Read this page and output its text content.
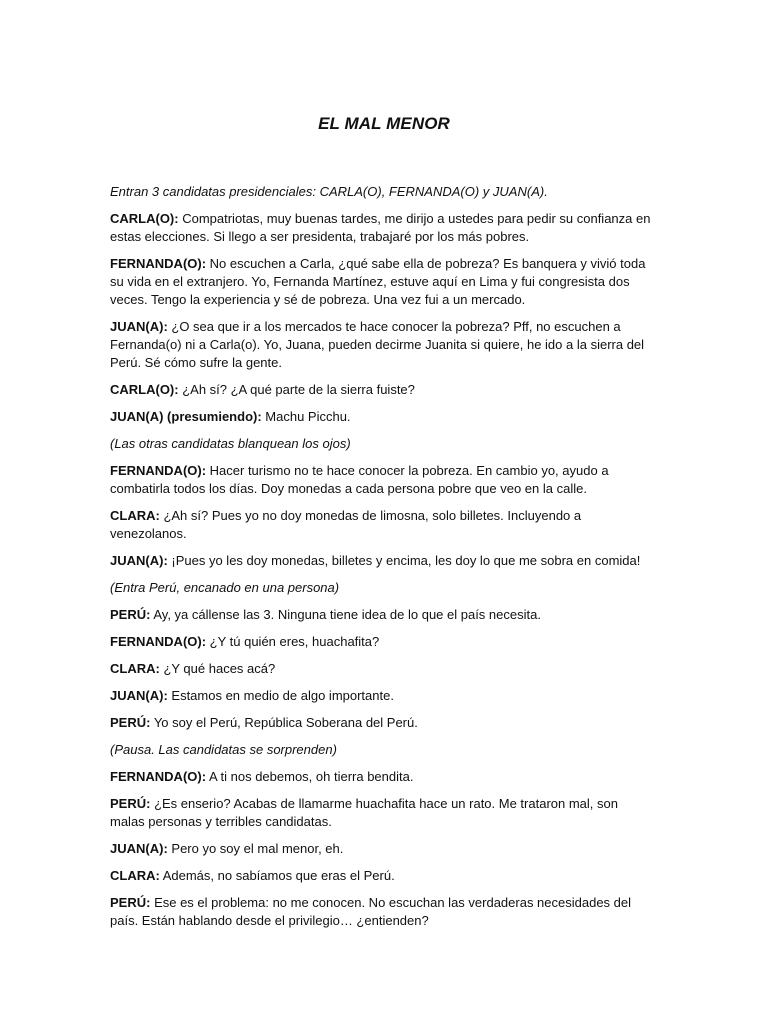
EL MAL MENOR

Entran 3 candidatas presidenciales: CARLA(O), FERNANDA(O) y JUAN(A).

CARLA(O): Compatriotas, muy buenas tardes, me dirijo a ustedes para pedir su confianza en estas elecciones. Si llego a ser presidenta, trabajaré por los más pobres.

FERNANDA(O): No escuchen a Carla, ¿qué sabe ella de pobreza? Es banquera y vivió toda su vida en el extranjero. Yo, Fernanda Martínez, estuve aquí en Lima y fui congresista dos veces. Tengo la experiencia y sé de pobreza. Una vez fui a un mercado.

JUAN(A): ¿O sea que ir a los mercados te hace conocer la pobreza? Pff, no escuchen a Fernanda(o) ni a Carla(o). Yo, Juana, pueden decirme Juanita si quiere, he ido a la sierra del Perú. Sé cómo sufre la gente.

CARLA(O): ¿Ah sí? ¿A qué parte de la sierra fuiste?

JUAN(A) (presumiendo): Machu Picchu.

(Las otras candidatas blanquean los ojos)

FERNANDA(O): Hacer turismo no te hace conocer la pobreza. En cambio yo, ayudo a combatirla todos los días. Doy monedas a cada persona pobre que veo en la calle.

CLARA: ¿Ah sí? Pues yo no doy monedas de limosna, solo billetes. Incluyendo a venezolanos.

JUAN(A): ¡Pues yo les doy monedas, billetes y encima, les doy lo que me sobra en comida!

(Entra Perú, encanado en una persona)

PERÚ: Ay, ya cállense las 3. Ninguna tiene idea de lo que el país necesita.

FERNANDA(O): ¿Y tú quién eres, huachafita?

CLARA: ¿Y qué haces acá?

JUAN(A): Estamos en medio de algo importante.

PERÚ: Yo soy el Perú, República Soberana del Perú.

(Pausa. Las candidatas se sorprenden)

FERNANDA(O): A ti nos debemos, oh tierra bendita.

PERÚ: ¿Es enserio? Acabas de llamarme huachafita hace un rato. Me trataron mal, son malas personas y terribles candidatas.

JUAN(A): Pero yo soy el mal menor, eh.

CLARA: Además, no sabíamos que eras el Perú.

PERÚ: Ese es el problema: no me conocen. No escuchan las verdaderas necesidades del país. Están hablando desde el privilegio… ¿entienden?
